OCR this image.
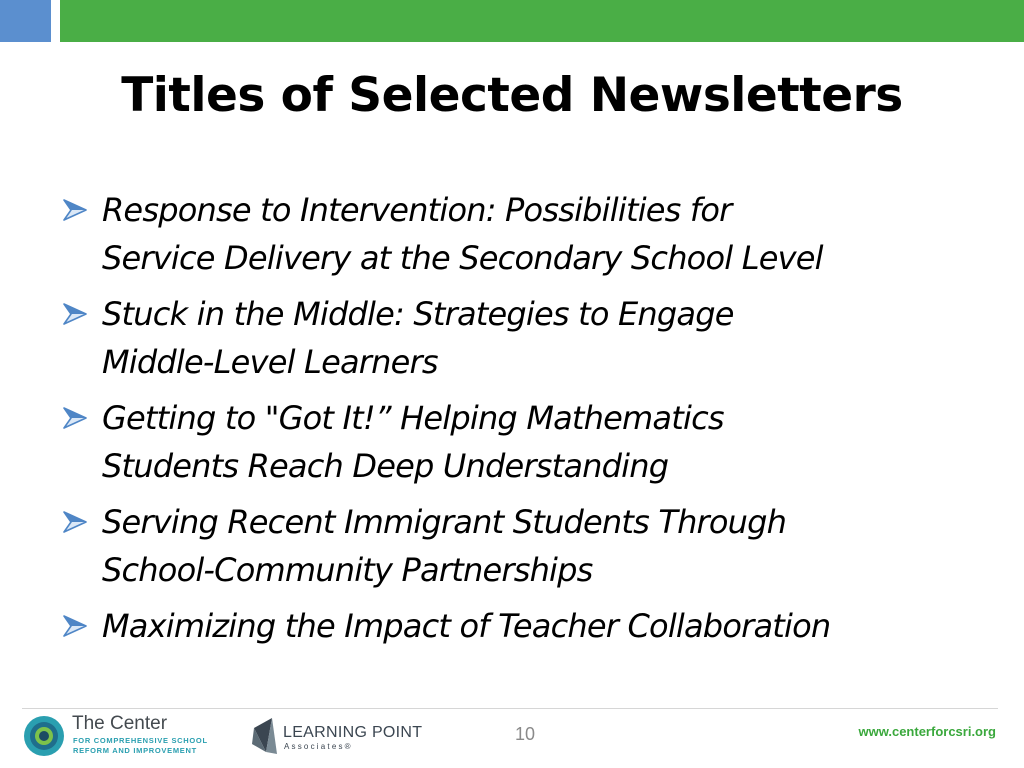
Titles of Selected Newsletters
Response to Intervention: Possibilities for
Service Delivery at the Secondary School Level
Stuck in the Middle: Strategies to Engage
Middle-Level Learners
Getting to "Got It!” Helping Mathematics
Students Reach Deep Understanding
Serving Recent Immigrant Students Through
School-Community Partnerships
Maximizing the Impact of Teacher Collaboration
The Center
FOR COMPREHENSIVE SCHOOL
REFORM AND IMPROVEMENT
LEARNING POINT
Associates®
10	www.centerforcsri.org
